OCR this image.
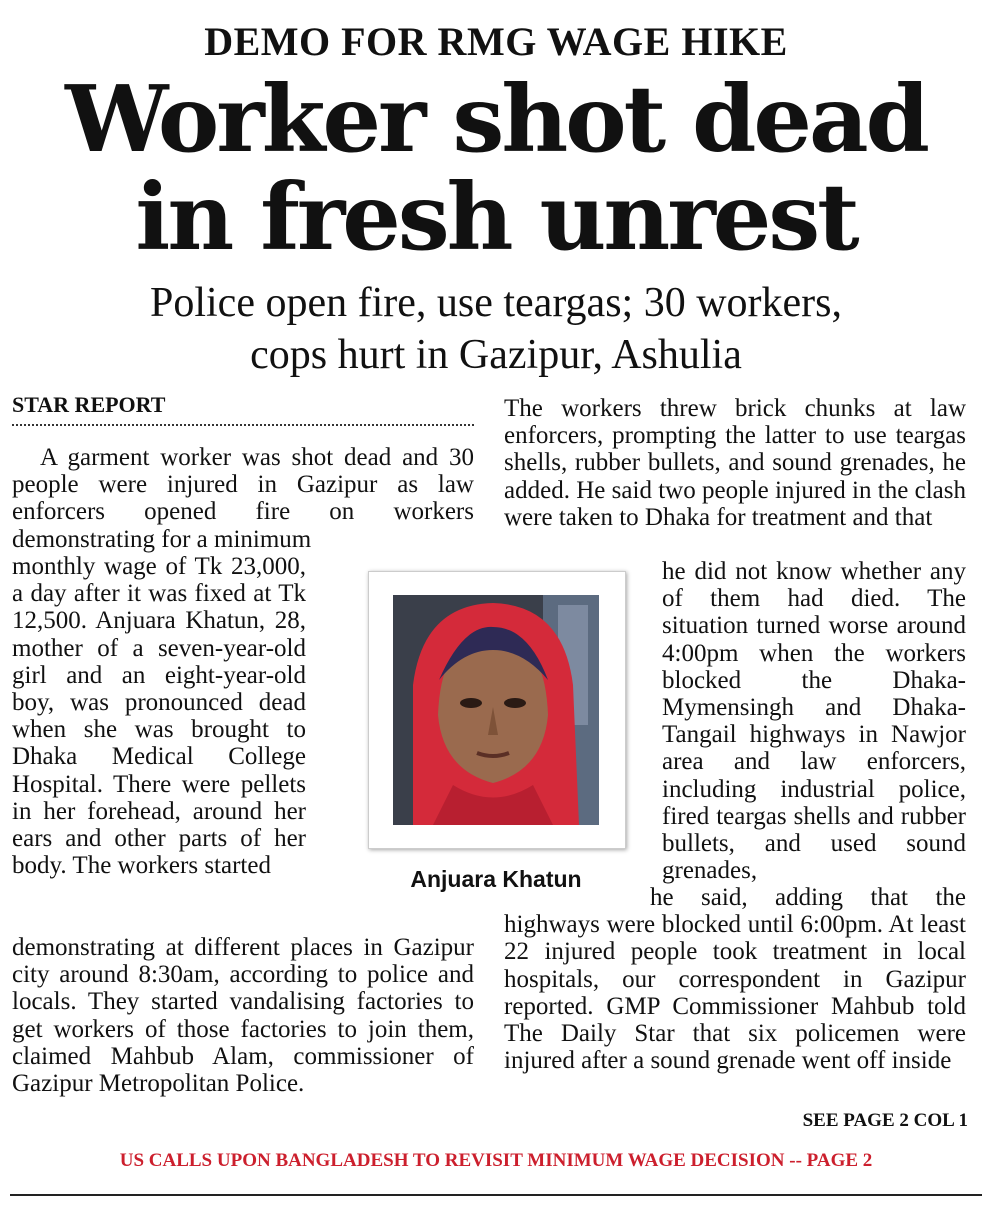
DEMO FOR RMG WAGE HIKE
Worker shot dead
in fresh unrest
Police open fire, use teargas; 30 workers,
cops hurt in Gazipur, Ashulia
STAR REPORT

A garment worker was shot dead and 30 people were injured in Gazipur as law enforcers opened fire on workers demonstrating for a minimum

monthly wage of Tk 23,000, a day after it was fixed at Tk 12,500. Anjuara Khatun, 28, mother of a seven-year-old girl and an eight-year-old boy, was pronounced dead when she was brought to Dhaka Medical College Hospital. There were pellets in her forehead, around her ears and other parts of her body. The workers started

demonstrating at different places in Gazipur city around 8:30am, according to police and locals. They started vandalising factories to get workers of those factories to join them, claimed Mahbub Alam, commissioner of Gazipur Metropolitan Police.

The workers threw brick chunks at law enforcers, prompting the latter to use teargas shells, rubber bullets, and sound grenades, he added. He said two people injured in the clash were taken to Dhaka for treatment and that

he did not know whether any of them had died. The situation turned worse around 4:00pm when the workers blocked the Dhaka-Mymensingh and Dhaka-Tangail highways in Nawjor area and law enforcers, including industrial police, fired teargas shells and rubber bullets, and used sound grenades,

he said, adding that the highways were blocked until 6:00pm. At least 22 injured people took treatment in local hospitals, our correspondent in Gazipur reported. GMP Commissioner Mahbub told The Daily Star that six policemen were injured after a sound grenade went off inside

Anjuara Khatun
SEE PAGE 2 COL 1
US CALLS UPON BANGLADESH TO REVISIT MINIMUM WAGE DECISION -- PAGE 2
